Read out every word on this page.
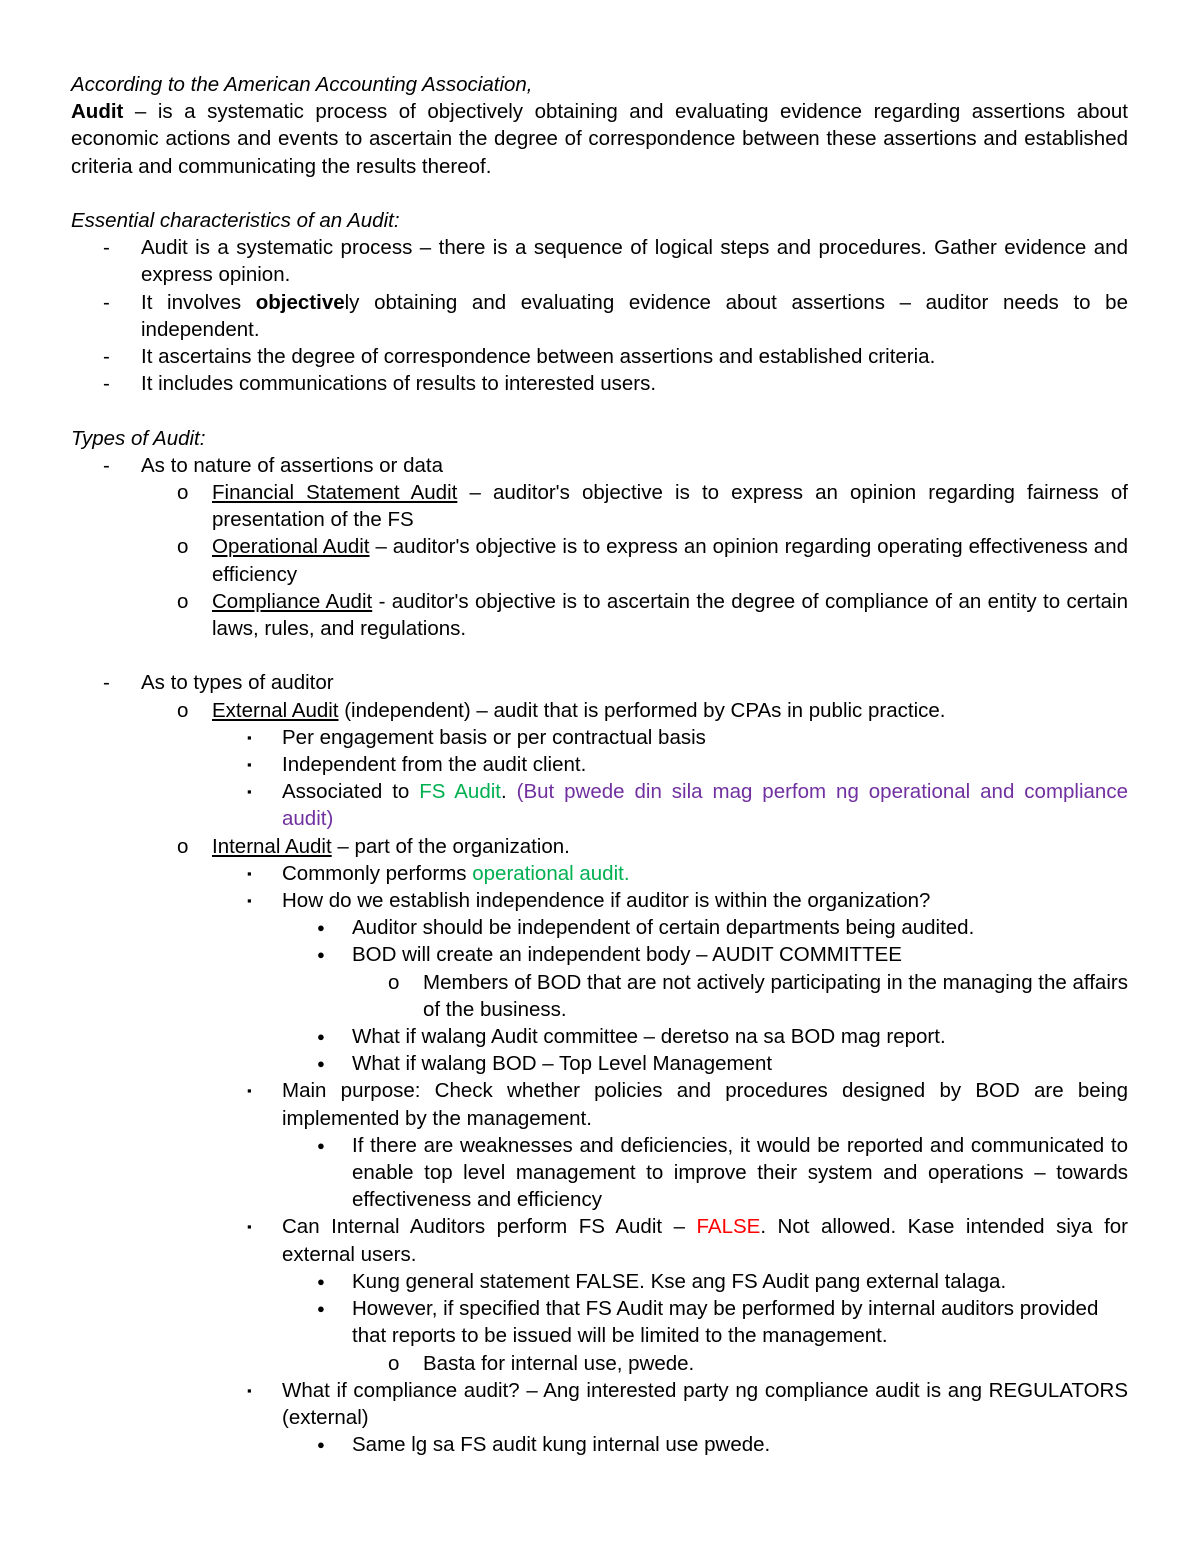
According to the American Accounting Association,

Audit – is a systematic process of objectively obtaining and evaluating evidence regarding assertions about economic actions and events to ascertain the degree of correspondence between these assertions and established criteria and communicating the results thereof.

Essential characteristics of an Audit:

-	Audit is a systematic process – there is a sequence of logical steps and procedures. Gather evidence and express opinion.
-	It involves objectively obtaining and evaluating evidence about assertions – auditor needs to be independent.
-	It ascertains the degree of correspondence between assertions and established criteria.
-	It includes communications of results to interested users.

Types of Audit:

-	As to nature of assertions or data
o	Financial Statement Audit – auditor's objective is to express an opinion regarding fairness of presentation of the FS
o	Operational Audit – auditor's objective is to express an opinion regarding operating effectiveness and efficiency
o	Compliance Audit - auditor's objective is to ascertain the degree of compliance of an entity to certain laws, rules, and regulations.
-	As to types of auditor
o	External Audit (independent) – audit that is performed by CPAs in public practice.
▪	Per engagement basis or per contractual basis
▪	Independent from the audit client.
▪	Associated to FS Audit. (But pwede din sila mag perfom ng operational and compliance audit)
o	Internal Audit – part of the organization.
▪	Commonly performs operational audit.
▪	How do we establish independence if auditor is within the organization?
●	Auditor should be independent of certain departments being audited.
●	BOD will create an independent body – AUDIT COMMITTEE
o	Members of BOD that are not actively participating in the managing the affairs of the business.
●	What if walang Audit committee – deretso na sa BOD mag report.
●	What if walang BOD – Top Level Management
▪	Main purpose: Check whether policies and procedures designed by BOD are being implemented by the management.
●	If there are weaknesses and deficiencies, it would be reported and communicated to enable top level management to improve their system and operations – towards effectiveness and efficiency
▪	Can Internal Auditors perform FS Audit – FALSE. Not allowed. Kase intended siya for external users.
●	Kung general statement FALSE. Kse ang FS Audit pang external talaga.
●	However, if specified that FS Audit may be performed by internal auditors provided that reports to be issued will be limited to the management.
o	Basta for internal use, pwede.
▪	What if compliance audit? – Ang interested party ng compliance audit is ang REGULATORS (external)
●	Same lg sa FS audit kung internal use pwede.
